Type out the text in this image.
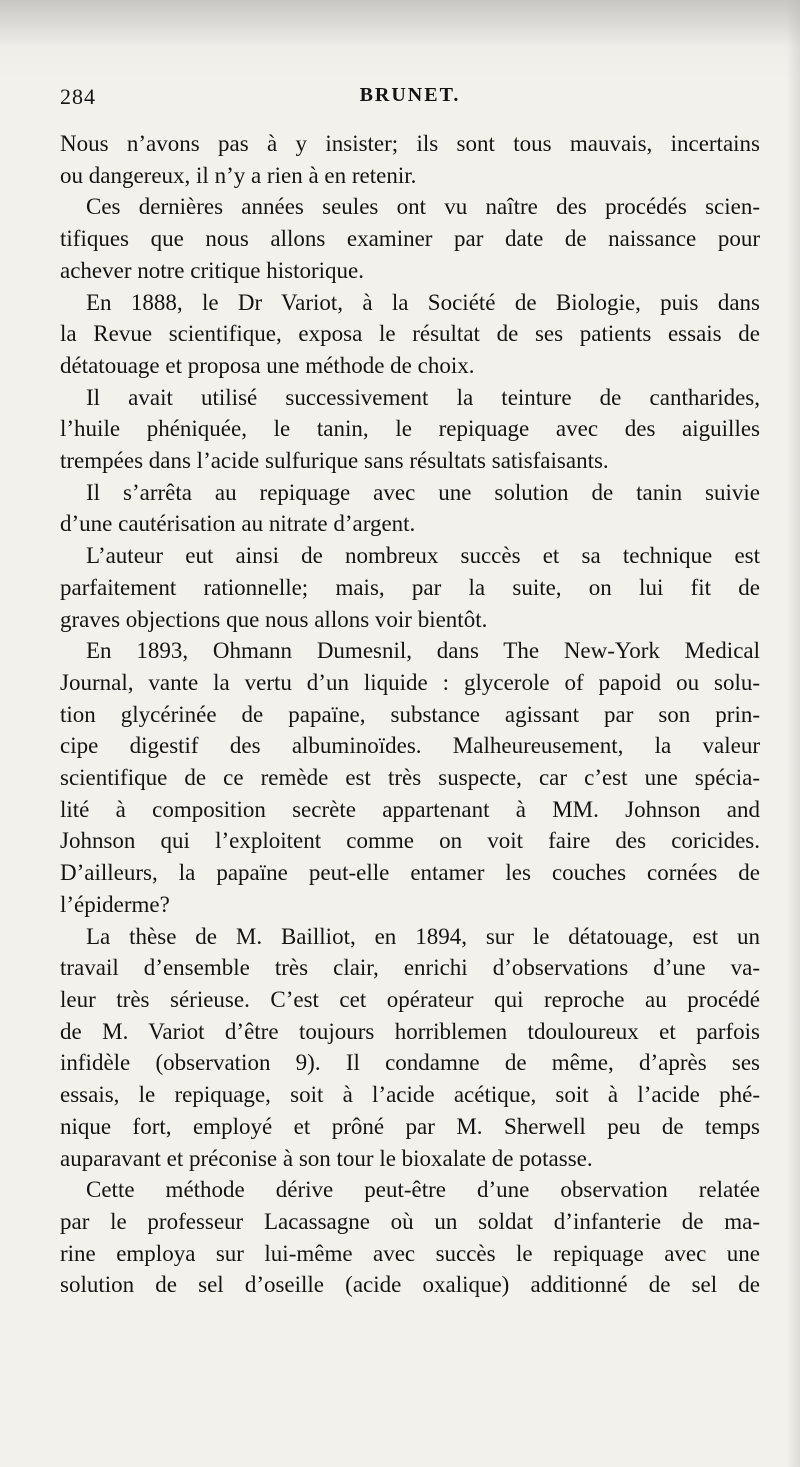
284	BRUNET.
Nous n’avons pas à y insister; ils sont tous mauvais, incertains
ou dangereux, il n’y a rien à en retenir.
Ces dernières années seules ont vu naître des procédés scien-
tifiques que nous allons examiner par date de naissance pour
achever notre critique historique.
En 1888, le Dr Variot, à la Société de Biologie, puis dans
la Revue scientifique, exposa le résultat de ses patients essais de
détatouage et proposa une méthode de choix.
Il avait utilisé successivement la teinture de cantharides,
l’huile phéniquée, le tanin, le repiquage avec des aiguilles
trempées dans l’acide sulfurique sans résultats satisfaisants.
Il s’arrêta au repiquage avec une solution de tanin suivie
d’une cautérisation au nitrate d’argent.
L’auteur eut ainsi de nombreux succès et sa technique est
parfaitement rationnelle; mais, par la suite, on lui fit de
graves objections que nous allons voir bientôt.
En 1893, Ohmann Dumesnil, dans The New-York Medical
Journal, vante la vertu d’un liquide : glycerole of papoid ou solu-
tion glycérinée de papaïne, substance agissant par son prin-
cipe digestif des albuminoïdes. Malheureusement, la valeur
scientifique de ce remède est très suspecte, car c’est une spécia-
lité à composition secrète appartenant à MM. Johnson and
Johnson qui l’exploitent comme on voit faire des coricides.
D’ailleurs, la papaïne peut-elle entamer les couches cornées de
l’épiderme?
La thèse de M. Bailliot, en 1894, sur le détatouage, est un
travail d’ensemble très clair, enrichi d’observations d’une va-
leur très sérieuse. C’est cet opérateur qui reproche au procédé
de M. Variot d’être toujours horriblemen tdouloureux et parfois
infidèle (observation 9). Il condamne de même, d’après ses
essais, le repiquage, soit à l’acide acétique, soit à l’acide phé-
nique fort, employé et prôné par M. Sherwell peu de temps
auparavant et préconise à son tour le bioxalate de potasse.
Cette méthode dérive peut-être d’une observation relatée
par le professeur Lacassagne où un soldat d’infanterie de ma-
rine employa sur lui-même avec succès le repiquage avec une
solution de sel d’oseille (acide oxalique) additionné de sel de
